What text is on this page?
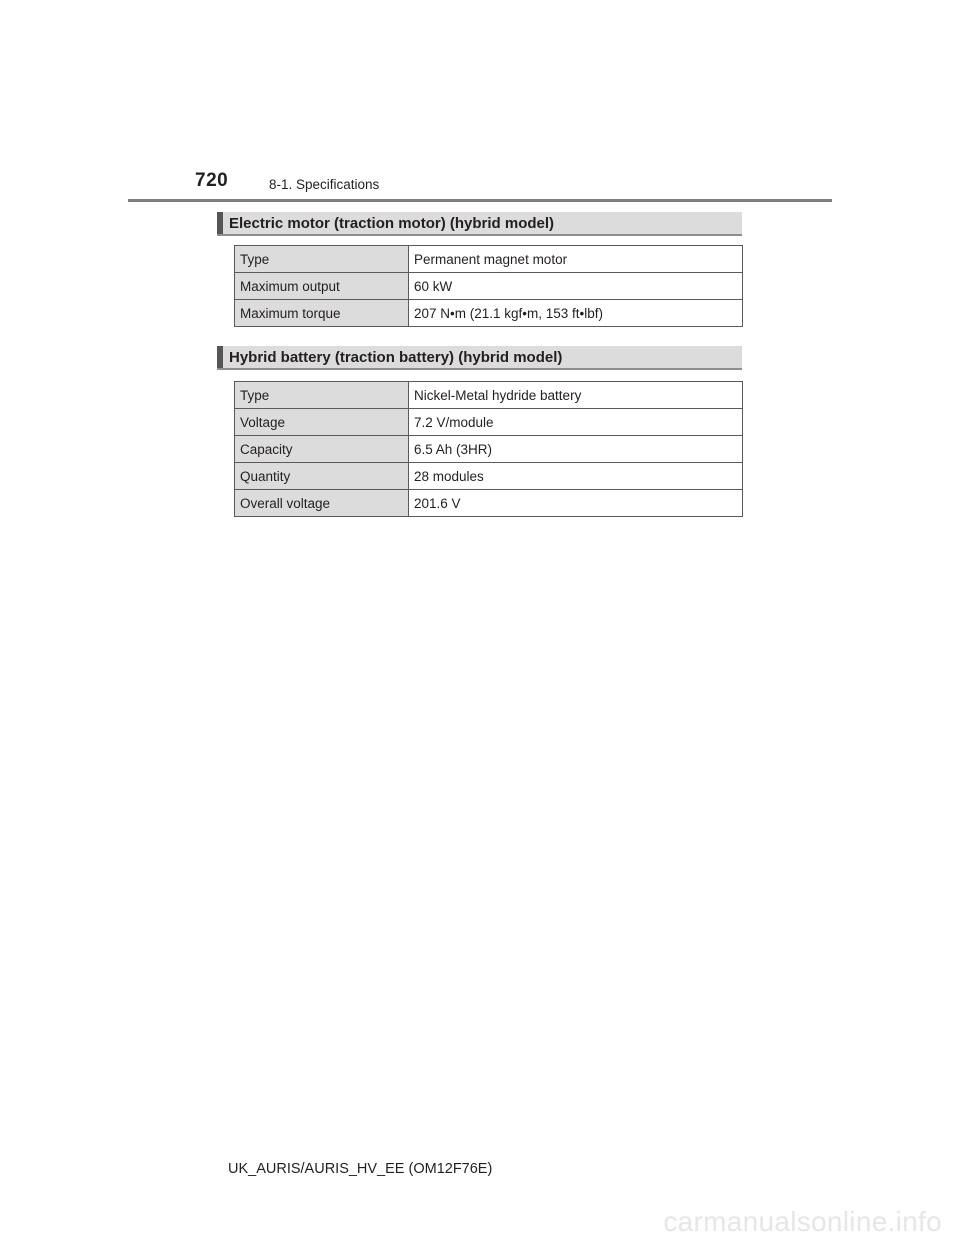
720	8-1. Specifications
Electric motor (traction motor) (hybrid model)
Type	Permanent magnet motor
Maximum output	60 kW
Maximum torque	207 N•m (21.1 kgf•m, 153 ft•lbf)
Hybrid battery (traction battery) (hybrid model)
Type	Nickel-Metal hydride battery
Voltage	7.2 V/module
Capacity	6.5 Ah (3HR)
Quantity	28 modules
Overall voltage	201.6 V
UK_AURIS/AURIS_HV_EE (OM12F76E)
carmanualsonline.info
